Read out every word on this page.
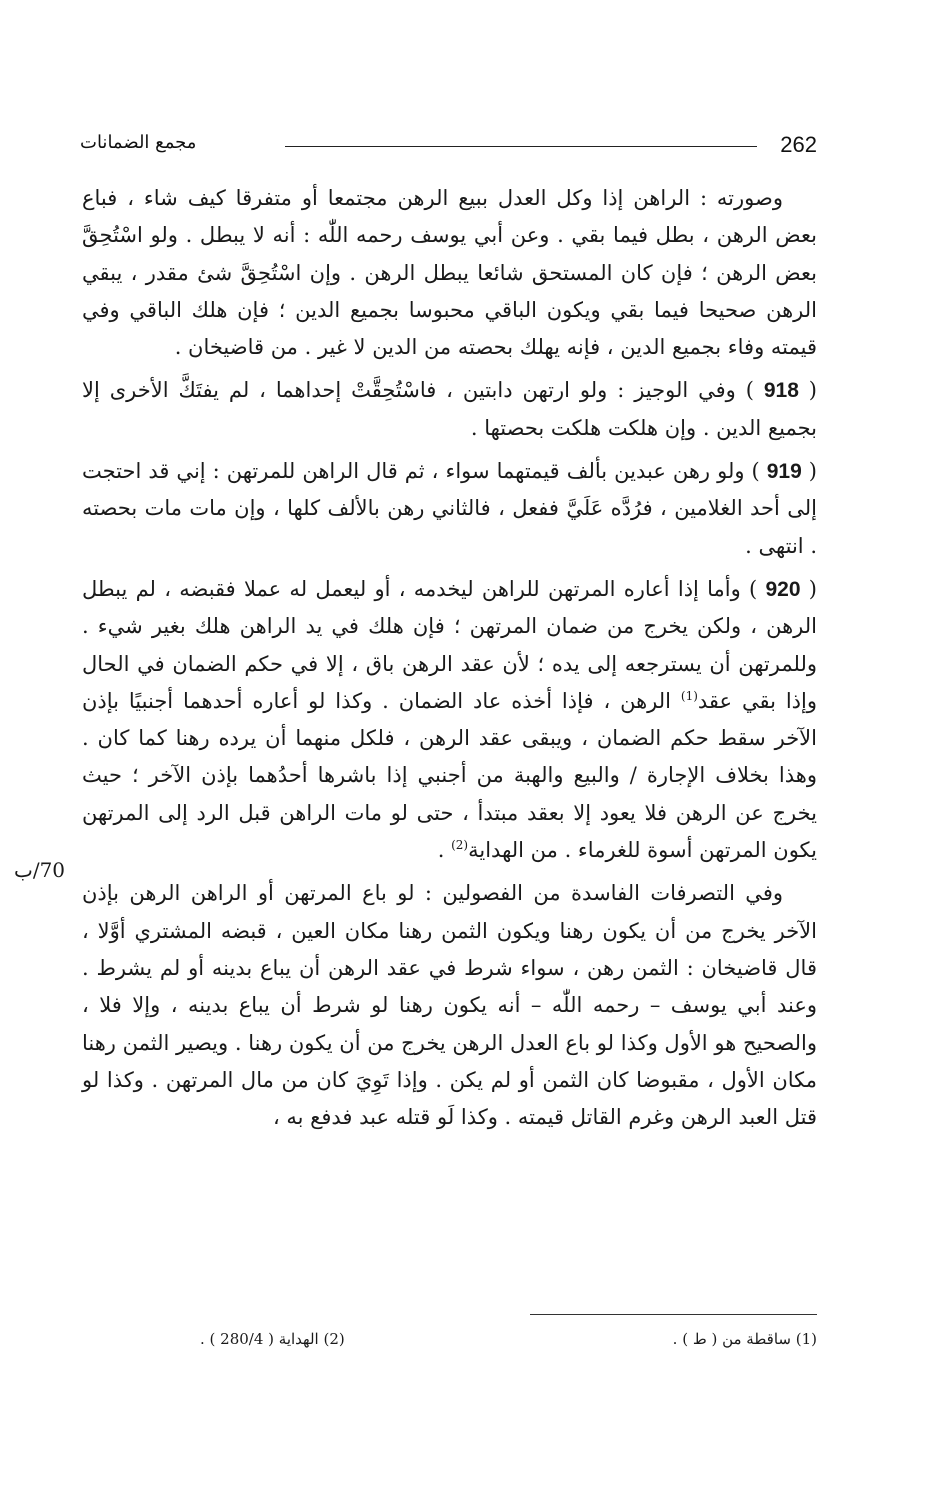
مجمع الضمانات	262

وصورته : الراهن إذا وكل العدل ببيع الرهن مجتمعا أو متفرقا كيف شاء ، فباع بعض الرهن ، بطل فيما بقي . وعن أبي يوسف رحمه اللّٰه : أنه لا يبطل . ولو اسْتُحِقَّ بعض الرهن ؛ فإن كان المستحق شائعا يبطل الرهن . وإن اسْتُحِقَّ شئ مقدر ، يبقي الرهن صحيحا فيما بقي ويكون الباقي محبوسا بجميع الدين ؛ فإن هلك الباقي وفي قيمته وفاء بجميع الدين ، فإنه يهلك بحصته من الدين لا غير . من قاضيخان .

( 918 ) وفي الوجيز : ولو ارتهن دابتين ، فاسْتُحِقَّتْ إحداهما ، لم يفتَكَّ الأخرى إلا بجميع الدين . وإن هلكت هلكت بحصتها .

( 919 ) ولو رهن عبدين بألف قيمتهما سواء ، ثم قال الراهن للمرتهن : إني قد احتجت إلى أحد الغلامين ، فرُدَّه عَلَيَّ ففعل ، فالثاني رهن بالألف كلها ، وإن مات مات بحصته . انتهى .

( 920 ) وأما إذا أعاره المرتهن للراهن ليخدمه ، أو ليعمل له عملا فقبضه ، لم يبطل الرهن ، ولكن يخرج من ضمان المرتهن ؛ فإن هلك في يد الراهن هلك بغير شيء . وللمرتهن أن يسترجعه إلى يده ؛ لأن عقد الرهن باق ، إلا في حكم الضمان في الحال وإذا بقي عقد$^{(1)}$ الرهن ، فإذا أخذه عاد الضمان . وكذا لو أعاره أحدهما أجنبيًا بإذن الآخر سقط حكم الضمان ، ويبقى عقد الرهن ، فلكل منهما أن يرده رهنا كما كان . وهذا بخلاف الإجارة / والبيع والهبة من أجنبي إذا باشرها أحدُهما بإذن الآخر ؛ حيث يخرج عن الرهن فلا يعود إلا بعقد مبتدأ ، حتى لو مات الراهن قبل الرد إلى المرتهن يكون المرتهن أسوة للغرماء . من الهداية$^{(2)}$ .

وفي التصرفات الفاسدة من الفصولين : لو باع المرتهن أو الراهن الرهن بإذن الآخر يخرج من أن يكون رهنا ويكون الثمن رهنا مكان العين ، قبضه المشتري أوَّلا ، قال قاضيخان : الثمن رهن ، سواء شرط في عقد الرهن أن يباع بدينه أو لم يشرط . وعند أبي يوسف – رحمه اللّٰه – أنه يكون رهنا لو شرط أن يباع بدينه ، وإلا فلا ، والصحيح هو الأول وكذا لو باع العدل الرهن يخرج من أن يكون رهنا . ويصير الثمن رهنا مكان الأول ، مقبوضا كان الثمن أو لم يكن . وإذا تَوِيَ كان من مال المرتهن . وكذا لو قتل العبد الرهن وغرم القاتل قيمته . وكذا لَو قتله عبد فدفع به ،

70/ب
(1) ساقطة من ( ط ) .
(2) الهداية ( 280/4 ) .
